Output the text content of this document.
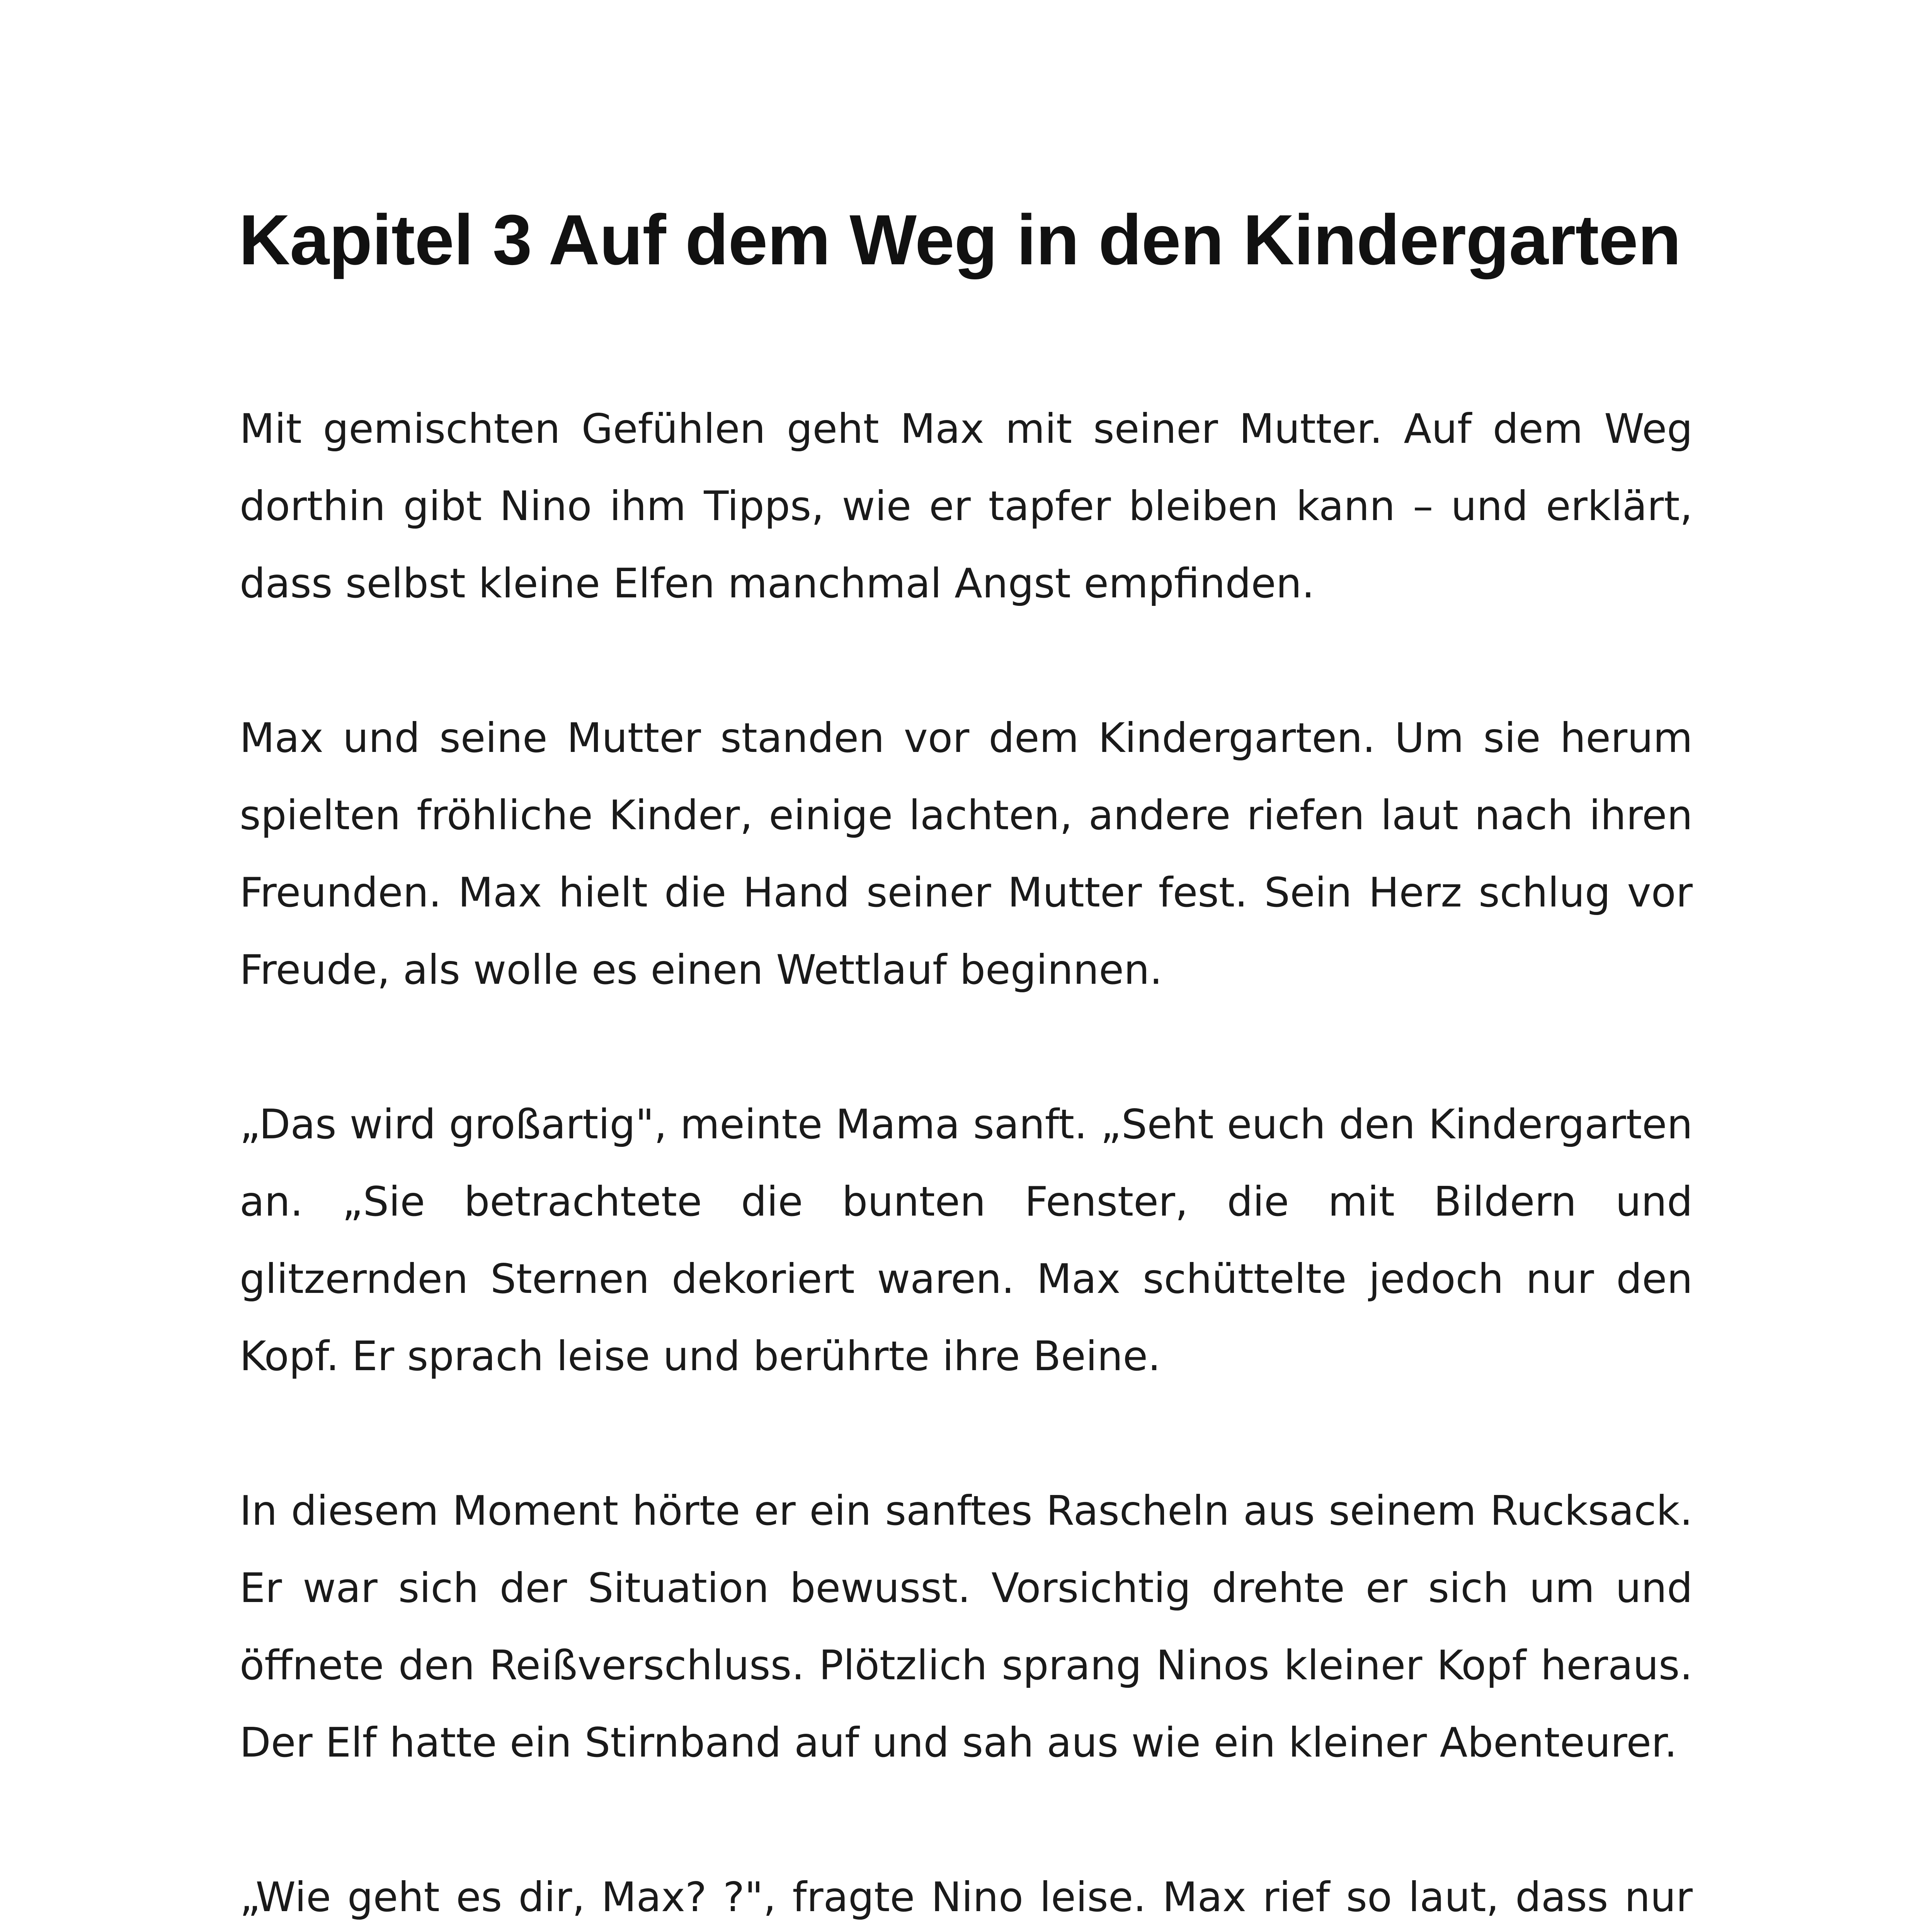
Kapitel 3 Auf dem Weg in den Kindergarten

Mit gemischten Gefühlen geht Max mit seiner Mutter. Auf dem Weg dorthin gibt Nino ihm Tipps, wie er tapfer bleiben kann – und erklärt, dass selbst kleine Elfen manchmal Angst empfinden.

Max und seine Mutter standen vor dem Kindergarten. Um sie herum spielten fröhliche Kinder, einige lachten, andere riefen laut nach ihren Freunden. Max hielt die Hand seiner Mutter fest. Sein Herz schlug vor Freude, als wolle es einen Wettlauf beginnen.

„Das wird großartig", meinte Mama sanft. „Seht euch den Kindergarten an. „Sie betrachtete die bunten Fenster, die mit Bildern und glitzernden Sternen dekoriert waren. Max schüttelte jedoch nur den Kopf. Er sprach leise und berührte ihre Beine.

In diesem Moment hörte er ein sanftes Rascheln aus seinem Rucksack. Er war sich der Situation bewusst. Vorsichtig drehte er sich um und öffnete den Reißverschluss. Plötzlich sprang Ninos kleiner Kopf heraus. Der Elf hatte ein Stirnband auf und sah aus wie ein kleiner Abenteurer.

„Wie geht es dir, Max? ?", fragte Nino leise. Max rief so laut, dass nur
